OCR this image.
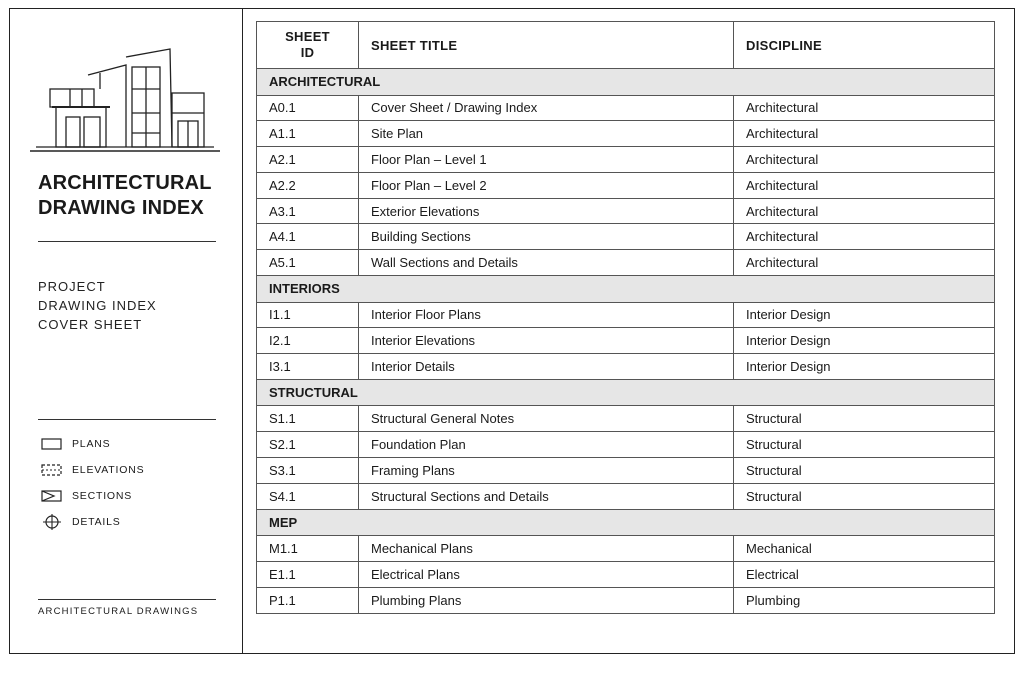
ARCHITECTURAL
DRAWING INDEX
PROJECT
DRAWING INDEX
COVER SHEET
PLANS
ELEVATIONS
SECTIONS
DETAILS
ARCHITECTURAL DRAWINGS
SHEET
ID	SHEET TITLE	DISCIPLINE
ARCHITECTURAL		
A0.1	Cover Sheet / Drawing Index	Architectural
A1.1	Site Plan	Architectural
A2.1	Floor Plan – Level 1	Architectural
A2.2	Floor Plan – Level 2	Architectural
A3.1	Exterior Elevations	Architectural
A4.1	Building Sections	Architectural
A5.1	Wall Sections and Details	Architectural
INTERIORS		
I1.1	Interior Floor Plans	Interior Design
I2.1	Interior Elevations	Interior Design
I3.1	Interior Details	Interior Design
STRUCTURAL		
S1.1	Structural General Notes	Structural
S2.1	Foundation Plan	Structural
S3.1	Framing Plans	Structural
S4.1	Structural Sections and Details	Structural
MEP		
M1.1	Mechanical Plans	Mechanical
E1.1	Electrical Plans	Electrical
P1.1	Plumbing Plans	Plumbing
